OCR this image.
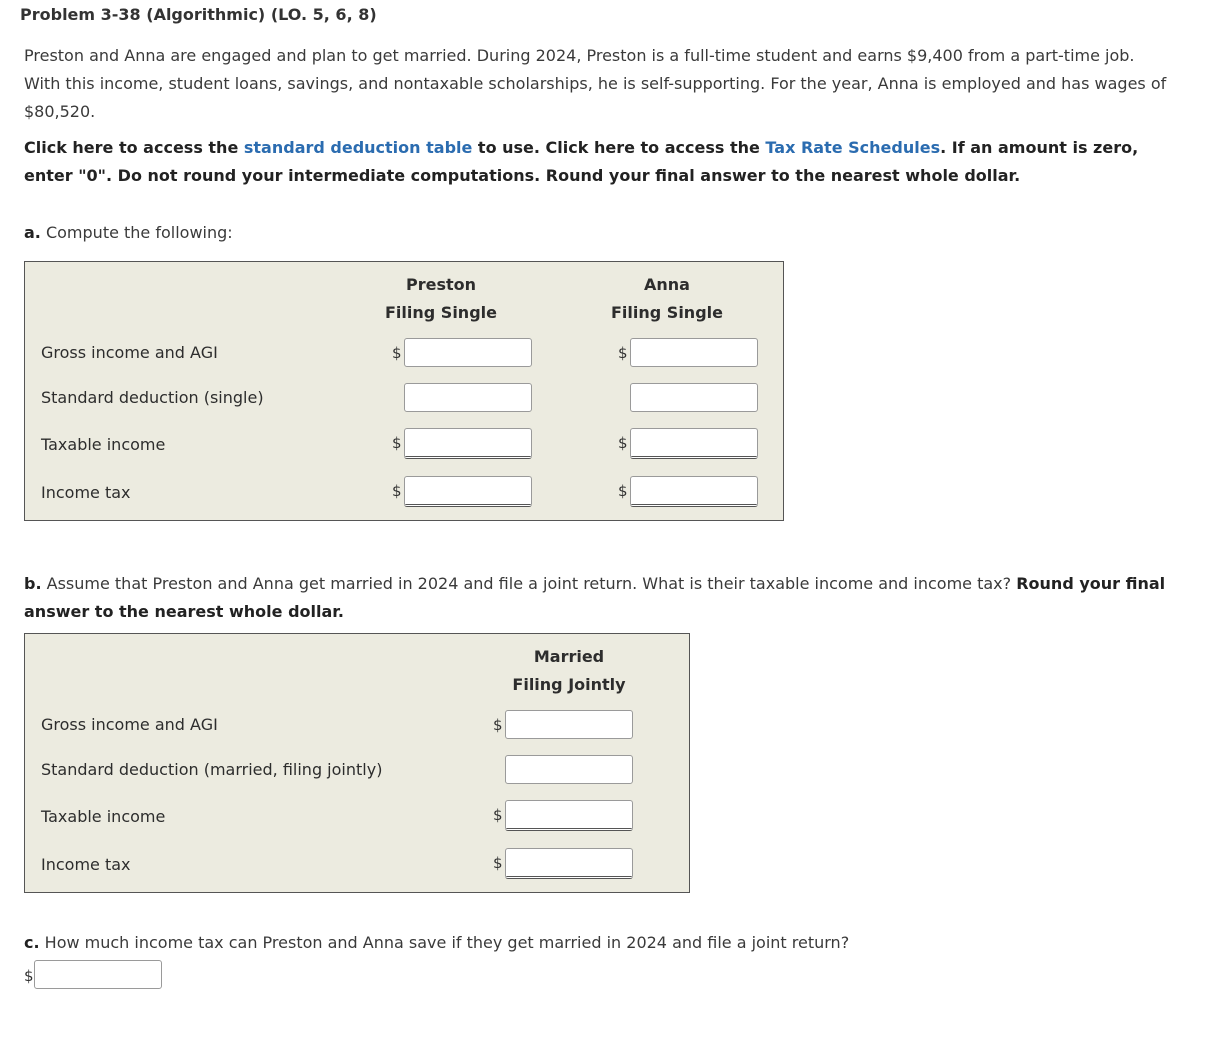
Problem 3-38 (Algorithmic) (LO. 5, 6, 8)
Preston and Anna are engaged and plan to get married. During 2024, Preston is a full-time student and earns $9,400 from a part-time job. With this income, student loans, savings, and nontaxable scholarships, he is self-supporting. For the year, Anna is employed and has wages of $80,520.
Click here to access the standard deduction table to use. Click here to access the Tax Rate Schedules. If an amount is zero, enter "0". Do not round your intermediate computations. Round your final answer to the nearest whole dollar.
a. Compute the following:
Preston
Filing Single
Anna
Filing Single
Gross income and AGI
Standard deduction (single)
Taxable income
Income tax
$
$
$
$
$
$
b. Assume that Preston and Anna get married in 2024 and file a joint return. What is their taxable income and income tax? Round your final answer to the nearest whole dollar.
Married
Filing Jointly
Gross income and AGI
Standard deduction (married, filing jointly)
Taxable income
Income tax
$
$
$
c. How much income tax can Preston and Anna save if they get married in 2024 and file a joint return?
$
